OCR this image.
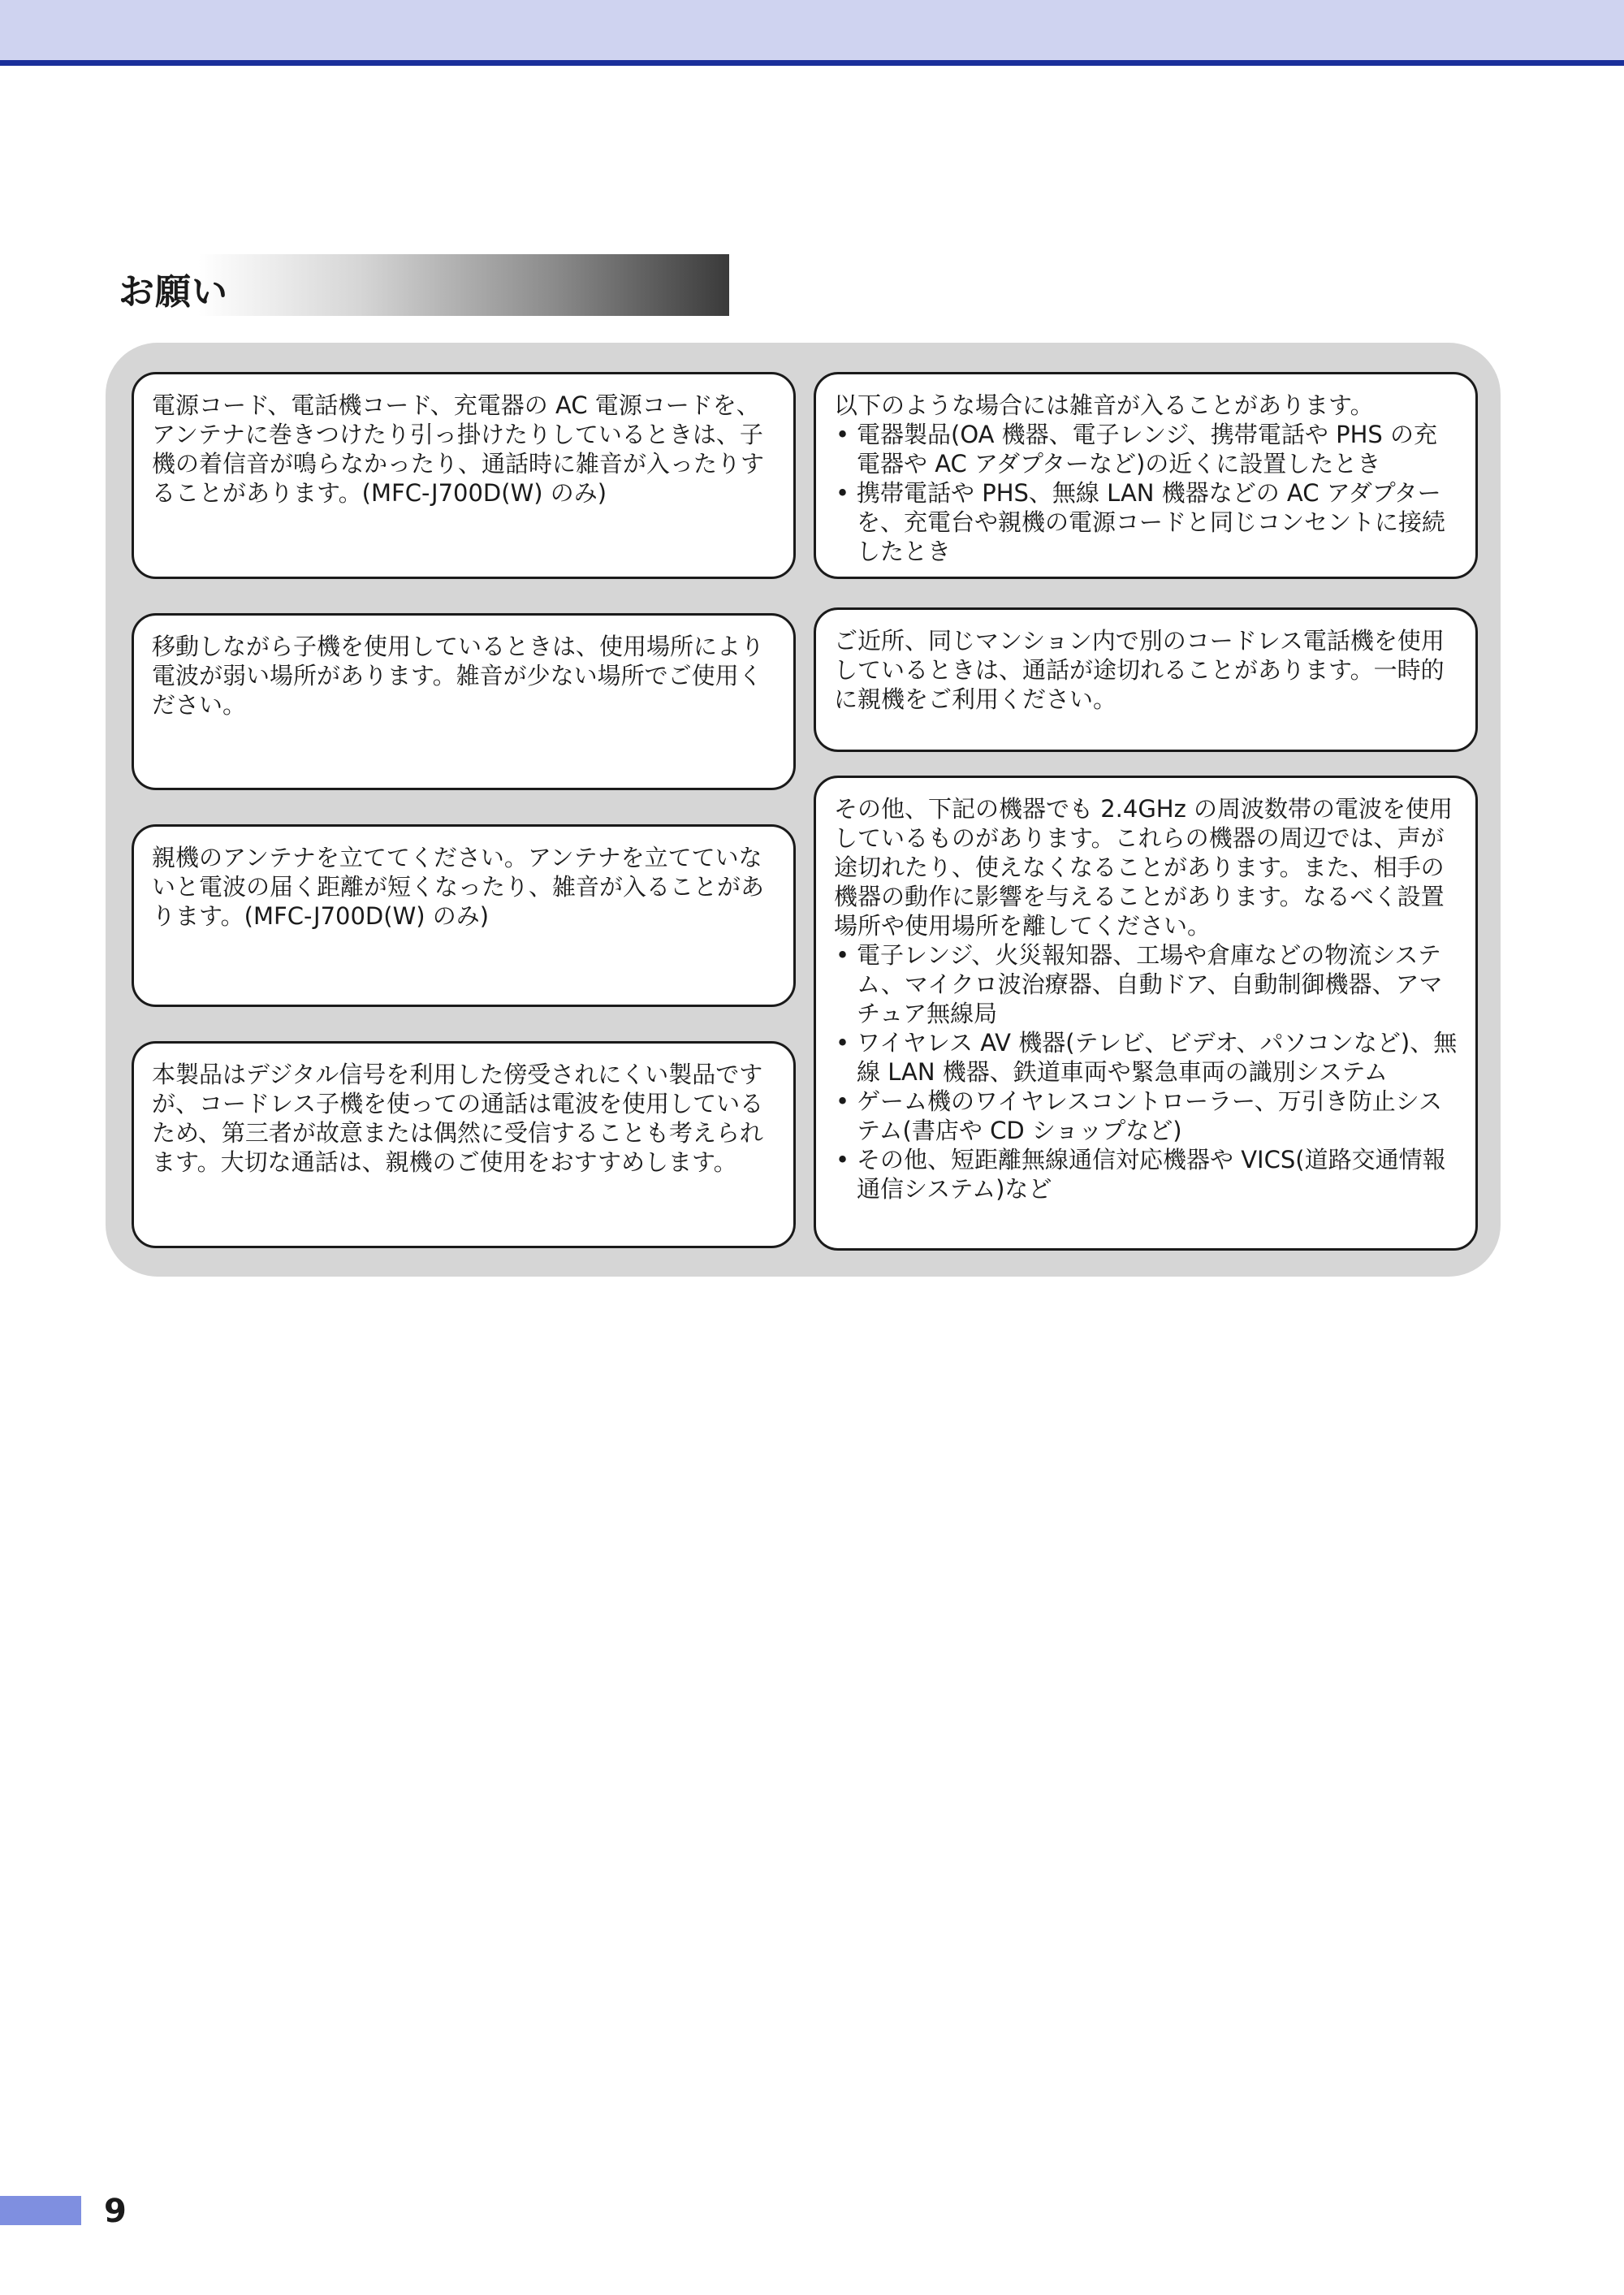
お願い

電源コード、電話機コード、充電器の AC 電源コードを、アンテナに巻きつけたり引っ掛けたりしているときは、子機の着信音が鳴らなかったり、通話時に雑音が入ったりすることがあります。(MFC-J700D(W) のみ)

移動しながら子機を使用しているときは、使用場所により電波が弱い場所があります。雑音が少ない場所でご使用ください。

親機のアンテナを立ててください。アンテナを立てていないと電波の届く距離が短くなったり、雑音が入ることがあります。(MFC-J700D(W) のみ)

本製品はデジタル信号を利用した傍受されにくい製品ですが、コードレス子機を使っての通話は電波を使用しているため、第三者が故意または偶然に受信することも考えられます。大切な通話は、親機のご使用をおすすめします。

以下のような場合には雑音が入ることがあります。

• 電器製品(OA 機器、電子レンジ、携帯電話や PHS の充電器や AC アダプターなど)の近くに設置したとき
• 携帯電話や PHS、無線 LAN 機器などの AC アダプターを、充電台や親機の電源コードと同じコンセントに接続したとき

ご近所、同じマンション内で別のコードレス電話機を使用しているときは、通話が途切れることがあります。一時的に親機をご利用ください。

その他、下記の機器でも 2.4GHz の周波数帯の電波を使用しているものがあります。これらの機器の周辺では、声が途切れたり、使えなくなることがあります。また、相手の機器の動作に影響を与えることがあります。なるべく設置場所や使用場所を離してください。

• 電子レンジ、火災報知器、工場や倉庫などの物流システム、マイクロ波治療器、自動ドア、自動制御機器、アマチュア無線局
• ワイヤレス AV 機器(テレビ、ビデオ、パソコンなど)、無線 LAN 機器、鉄道車両や緊急車両の識別システム
• ゲーム機のワイヤレスコントローラー、万引き防止システム(書店や CD ショップなど)
• その他、短距離無線通信対応機器や VICS(道路交通情報通信システム)など
9
